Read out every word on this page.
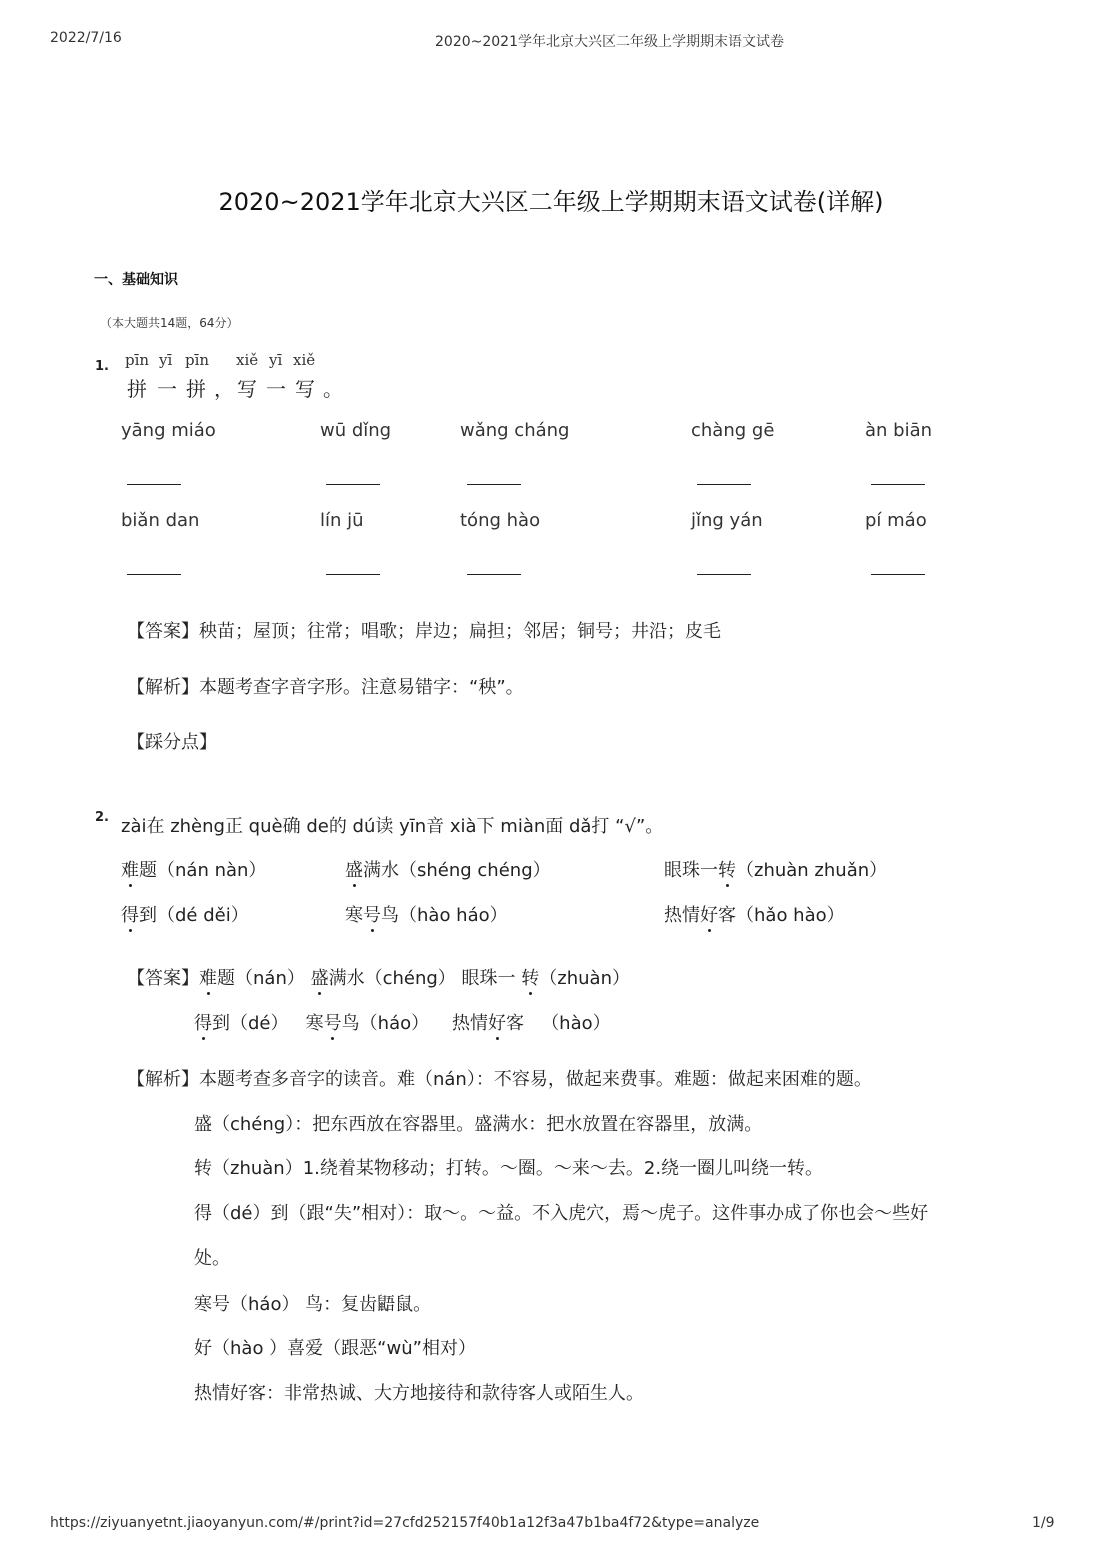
2022/7/16	2020~2021学年北京大兴区二年级上学期期末语文试卷
2020~2021学年北京大兴区二年级上学期期末语文试卷(详解)
一、基础知识
（本大题共14题，64分）
1. pīn yī pīn xiě yī xiě
拼 一 拼 ， 写 一 写 。
yāng miáo	wū dǐng	wǎng cháng	chàng gē	àn biān
biǎn dan	lín jū	tóng hào	jǐng yán	pí máo
【答案】秧苗；屋顶；往常；唱歌；岸边；扁担；邻居；铜号；井沿；皮毛
【解析】本题考查字音字形。注意易错字：“秧”。
【踩分点】
2. zài在 zhèng正 què确 de的 dú读 yīn音 xià下 miàn面 dǎ打 “√”。
难题（nán nàn）	盛满水（shéng chéng）	眼珠一转（zhuàn zhuǎn）
得到（dé děi）	寒号鸟（hào háo）	热情好客（hǎo hào）
【答案】难题（nán） 盛满水（chéng） 眼珠一 转（zhuàn）
得到（dé） 寒号鸟（háo） 热情好客 （hào）
【解析】本题考查多音字的读音。难（nán）：不容易，做起来费事。难题：做起来困难的题。
盛（chéng）：把东西放在容器里。盛满水：把水放置在容器里，放满。
转（zhuàn）1.绕着某物移动；打转。～圈。～来～去。2.绕一圈儿叫绕一转。
得（dé）到（跟“失”相对）：取～。～益。不入虎穴，焉～虎子。这件事办成了你也会～些好
处。
寒号（háo） 鸟：复齿鼯鼠。
好（hào ）喜爱（跟恶“wù”相对）
热情好客：非常热诚、大方地接待和款待客人或陌生人。
https://ziyuanyetnt.jiaoyanyun.com/#/print?id=27cfd252157f40b1a12f3a47b1ba4f72&type=analyze	1/9
